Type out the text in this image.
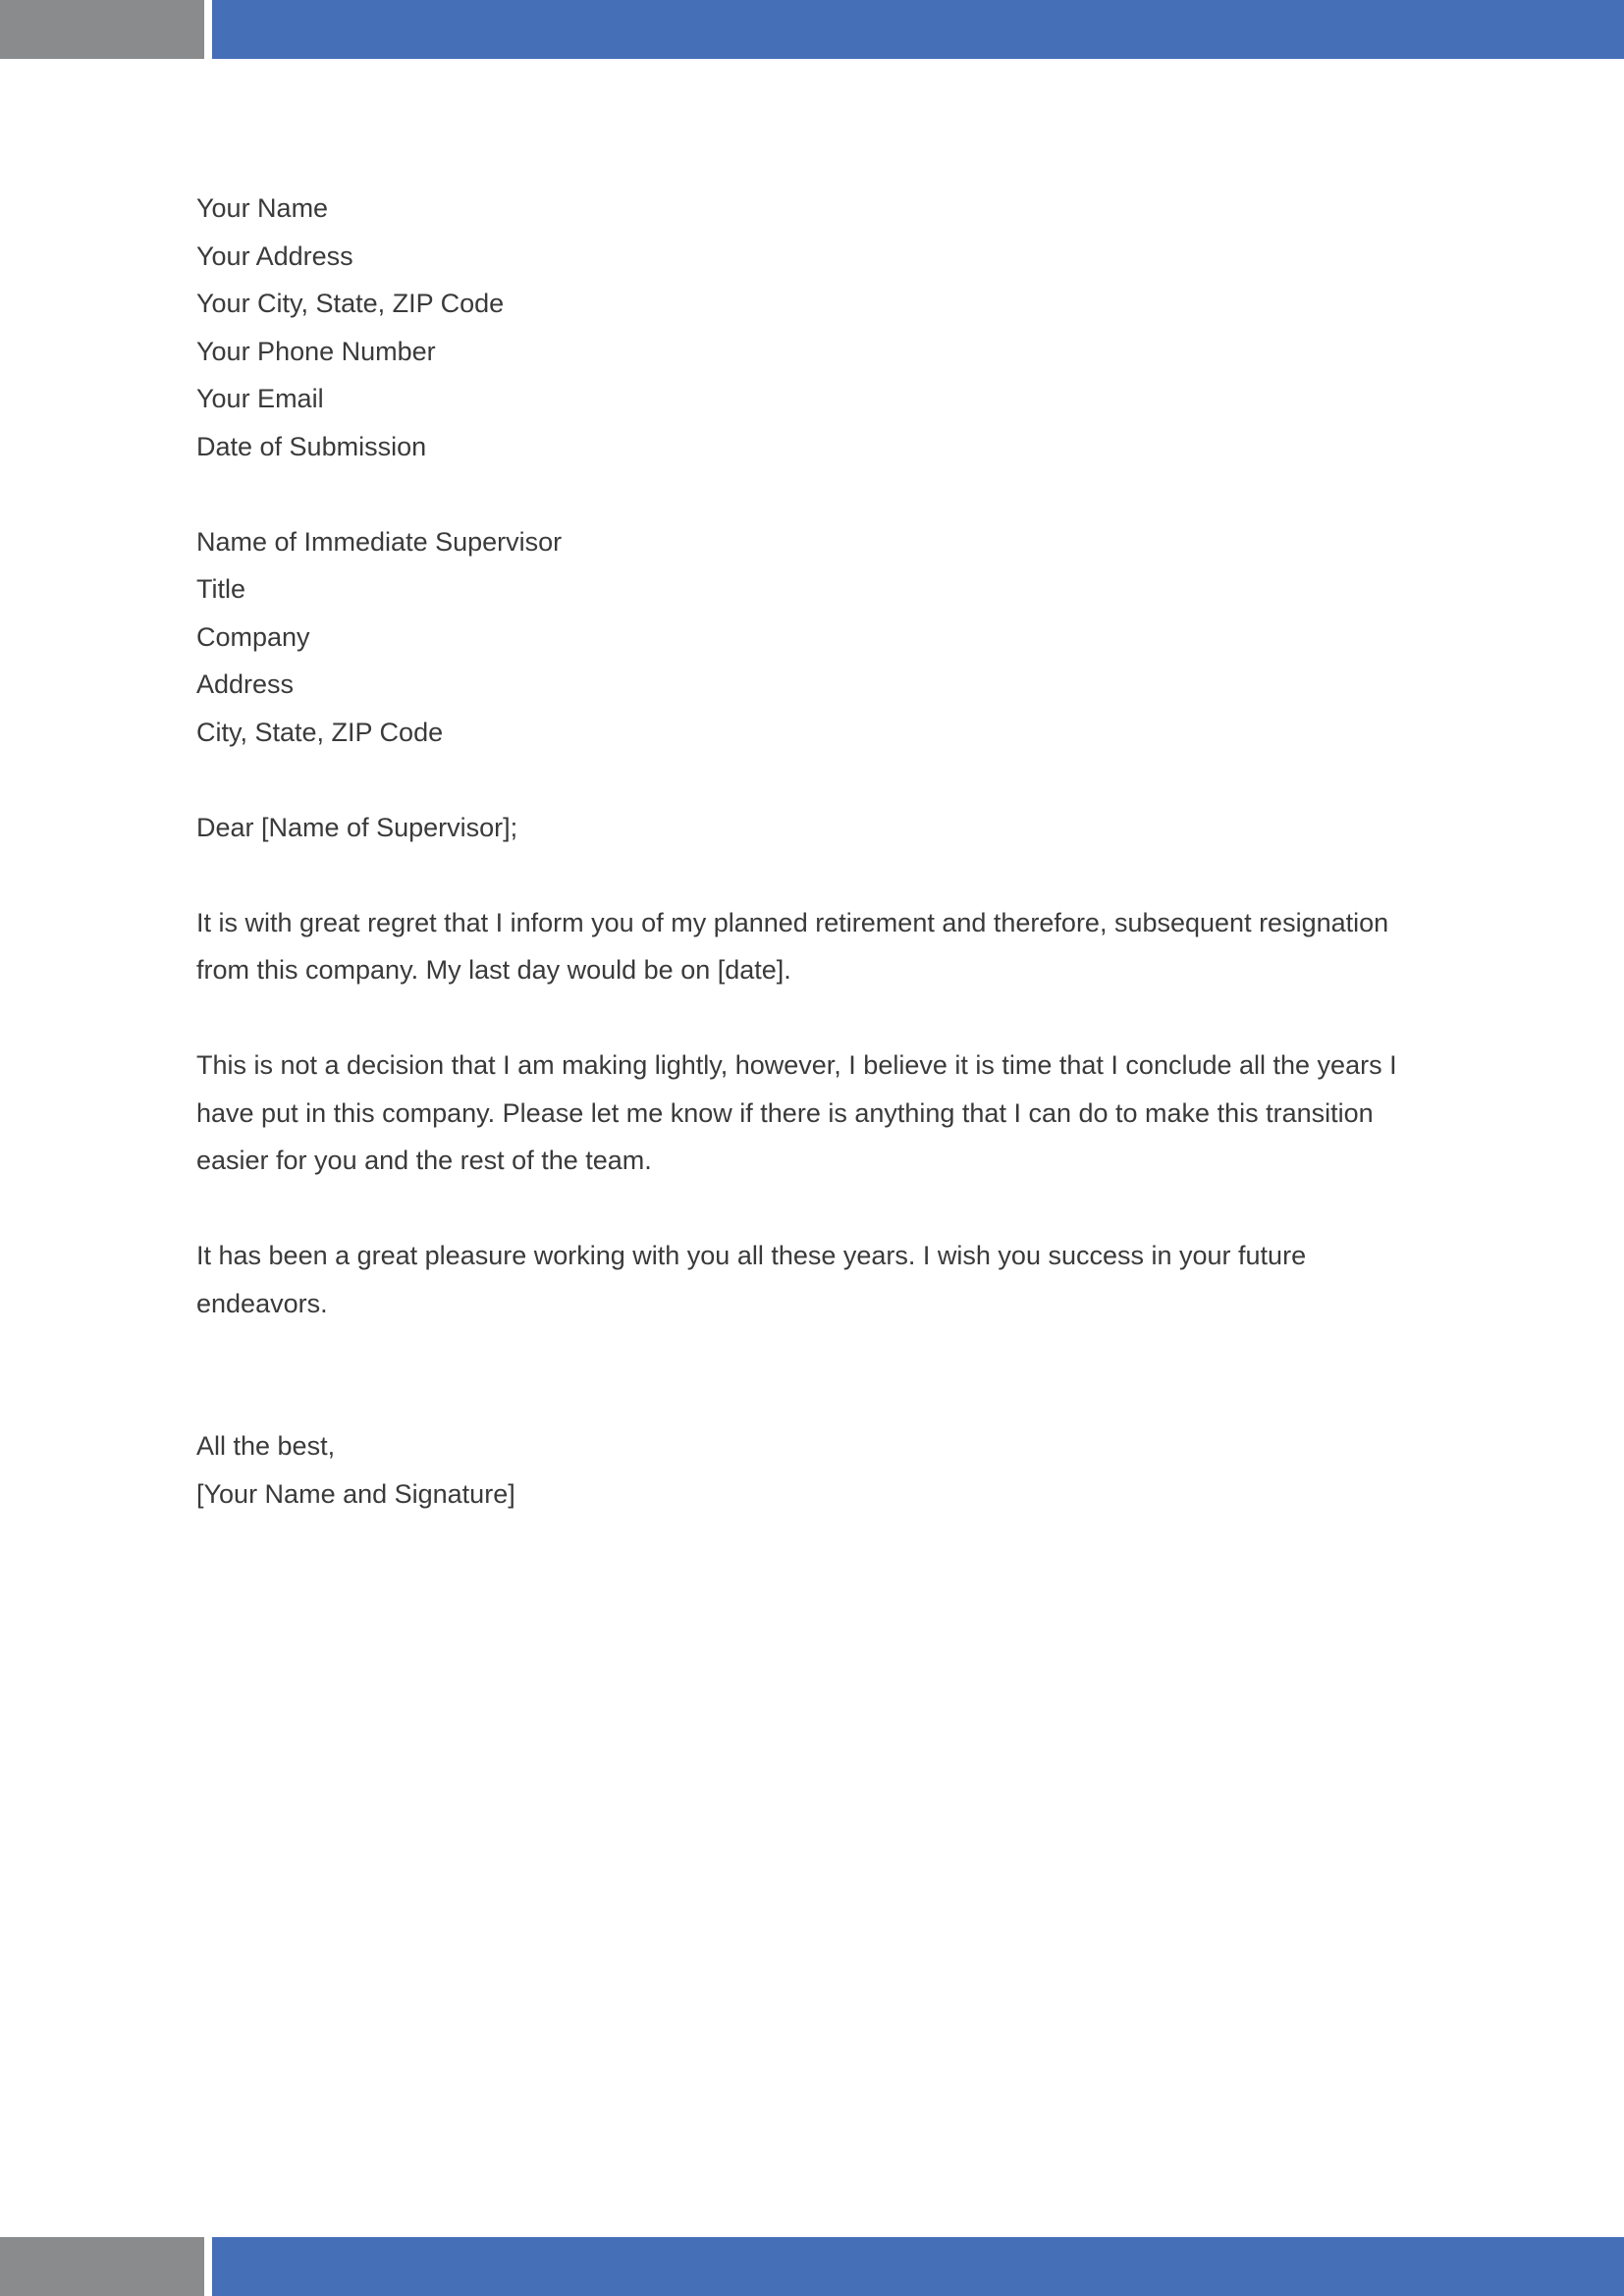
Your Name
Your Address
Your City, State, ZIP Code
Your Phone Number
Your Email
Date of Submission
Name of Immediate Supervisor
Title
Company
Address
City, State, ZIP Code

Dear [Name of Supervisor];

It is with great regret that I inform you of my planned retirement and therefore, subsequent resignation from this company. My last day would be on [date].

This is not a decision that I am making lightly, however, I believe it is time that I conclude all the years I have put in this company. Please let me know if there is anything that I can do to make this transition easier for you and the rest of the team.

It has been a great pleasure working with you all these years. I wish you success in your future endeavors.

All the best,
[Your Name and Signature]
